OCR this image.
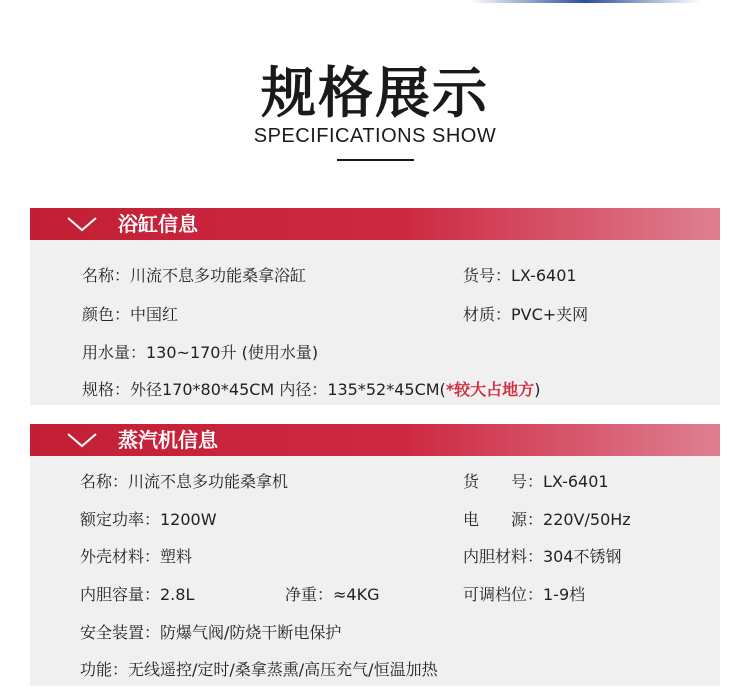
规格展示
SPECIFICATIONS SHOW
浴缸信息
名称：川流不息多功能桑拿浴缸	货号：LX-6401
颜色：中国红	材质：PVC+夹网
用水量：130~170升 (使用水量)
规格：外径170*80*45CM 内径：135*52*45CM(*较大占地方)
蒸汽机信息
名称：川流不息多功能桑拿机	货　　号：LX-6401
额定功率：1200W	电　　源：220V/50Hz
外壳材料：塑料	内胆材料：304不锈钢
内胆容量：2.8L	净重：≈4KG	可调档位：1-9档
安全装置：防爆气阀/防烧干断电保护
功能：无线遥控/定时/桑拿蒸熏/高压充气/恒温加热
